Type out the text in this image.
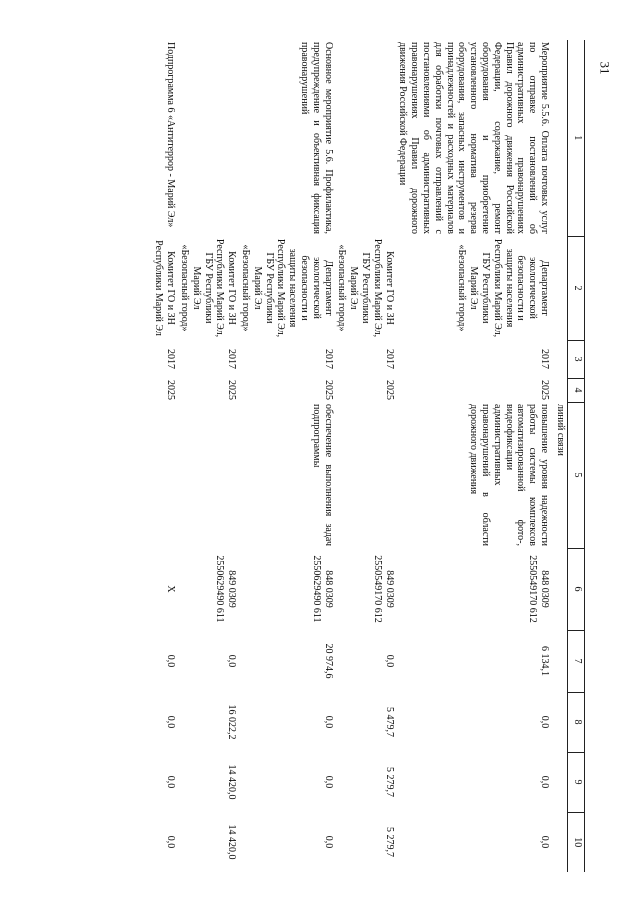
31
1	2	3	4	5	6	7	8	9	10
				линий связи					
Мероприятие 5.5.6. Оплата почтовых услуг по отправке постановлений об административных правонарушениях Правил дорожного движения Российской Федерации, содержание, ремонт оборудования и приобретение установленного норматива резерва оборудования, запасных инструментов и принадлежностей и расходных материалов для обработки почтовых отправлений с постановлениями об административных правонарушениях Правил дорожного движения Российской Федерации	Департамент экологической безопасности и защиты населения Республики Марий Эл, ГБУ Республики Марий Эл «Безопасный город»	2017	2025	повышение уровня надежности работы системы комплексов автоматизированной фото-, видеофиксации административных правонарушений в области дорожного движения	848 0309 2550549170 612	6 134,1	0,0	0,0	0,0
	Комитет ГО и ЗН Республики Марий Эл, ГБУ Республики Марий Эл «Безопасный город»	2017	2025		849 0309 2550549170 612	0,0	5 479,7	5 279,7	5 279,7
Основное мероприятие 5.6. Профилактика, предупреждение и объективная фиксация правонарушений	Департамент экологической безопасности и защиты населения Республики Марий Эл, ГБУ Республики Марий Эл «Безопасный город»	2017	2025	обеспечение выполнения задач подпрограммы	848 0309 2550629490 611	20 974,6	0,0	0,0	0,0
	Комитет ГО и ЗН Республики Марий Эл, ГБУ Республики Марий Эл «Безопасный город»	2017	2025		849 0309 2550629490 611	0,0	16 022,2	14 420,0	14 420,0
Подпрограмма 6 «Антитеррор - Марий Эл»	Комитет ГО и ЗН Республики Марий Эл	2017	2025		Х	0,0	0,0	0,0	0,0
